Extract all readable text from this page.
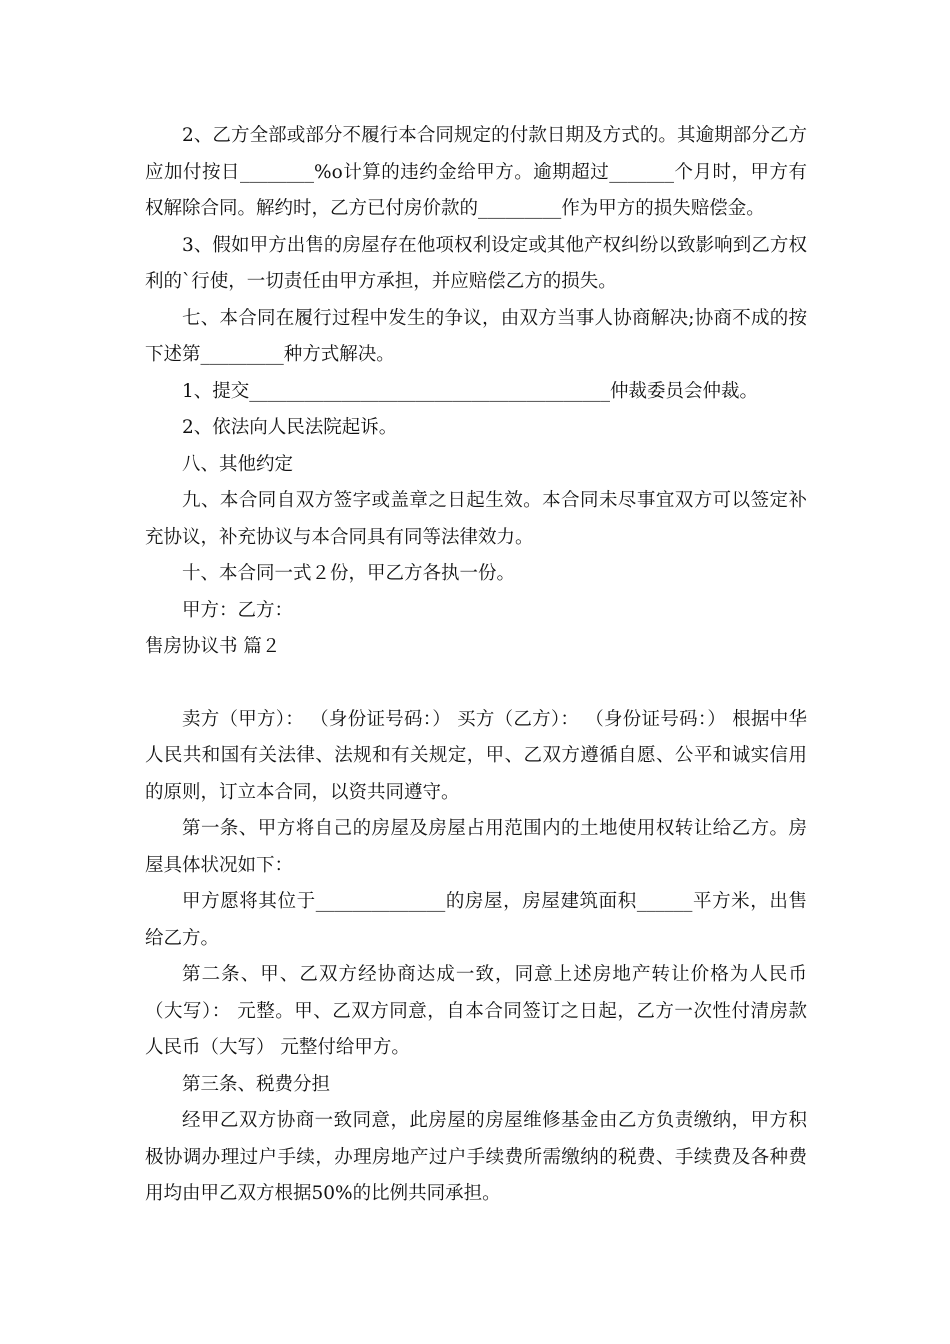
2、乙方全部或部分不履行本合同规定的付款日期及方式的。其逾期部分乙方应加付按日________%o计算的违约金给甲方。逾期超过_______个月时，甲方有权解除合同。解约时，乙方已付房价款的_________作为甲方的损失赔偿金。

3、假如甲方出售的房屋存在他项权利设定或其他产权纠纷以致影响到乙方权利的`行使，一切责任由甲方承担，并应赔偿乙方的损失。

七、本合同在履行过程中发生的争议，由双方当事人协商解决;协商不成的按下述第_________种方式解决。

1、提交_______________________________________仲裁委员会仲裁。

2、依法向人民法院起诉。

八、其他约定

九、本合同自双方签字或盖章之日起生效。本合同未尽事宜双方可以签定补充协议，补充协议与本合同具有同等法律效力。

十、本合同一式２份，甲乙方各执一份。

甲方：乙方：

售房协议书 篇２

卖方（甲方）： （身份证号码：） 买方（乙方）： （身份证号码：） 根据中华人民共和国有关法律、法规和有关规定，甲、乙双方遵循自愿、公平和诚实信用的原则，订立本合同，以资共同遵守。

第一条、甲方将自己的房屋及房屋占用范围内的土地使用权转让给乙方。房屋具体状况如下：

甲方愿将其位于______________的房屋，房屋建筑面积______平方米，出售给乙方。

第二条、甲、乙双方经协商达成一致，同意上述房地产转让价格为人民币（大写）： 元整。甲、乙双方同意，自本合同签订之日起，乙方一次性付清房款人民币（大写） 元整付给甲方。

第三条、税费分担

经甲乙双方协商一致同意，此房屋的房屋维修基金由乙方负责缴纳，甲方积极协调办理过户手续，办理房地产过户手续费所需缴纳的税费、手续费及各种费用均由甲乙双方根据50%的比例共同承担。
